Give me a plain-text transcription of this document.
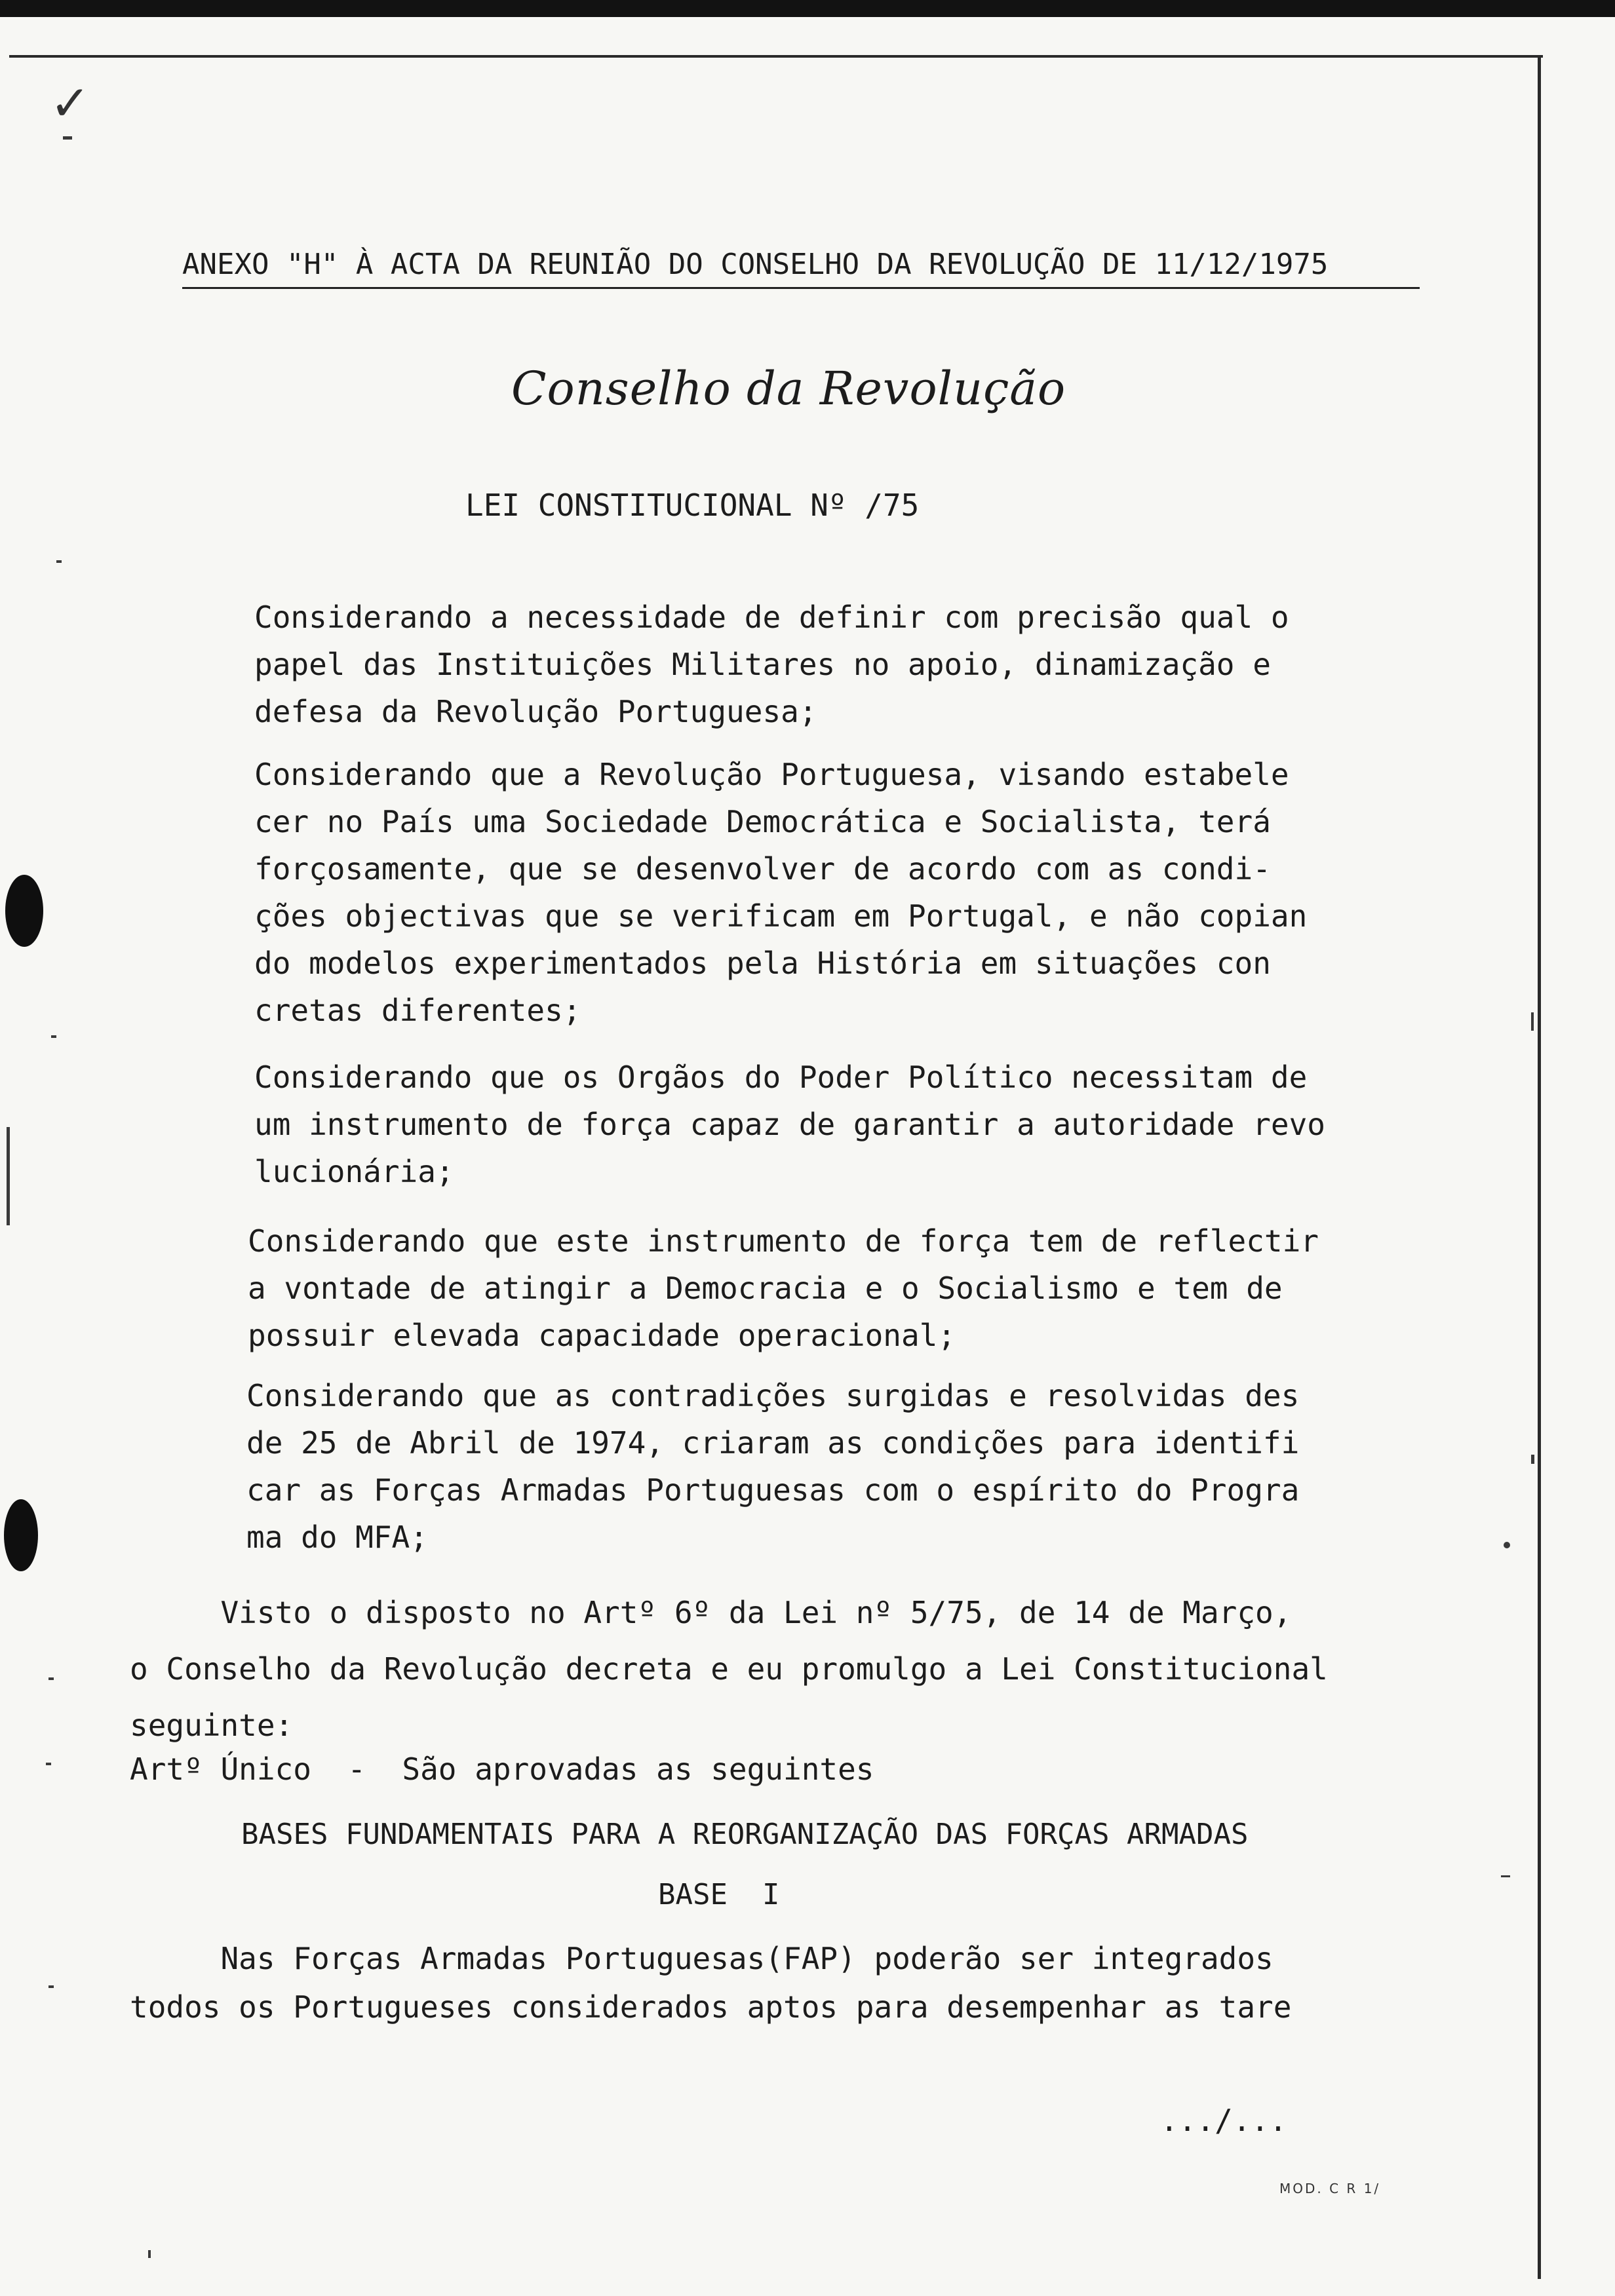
✓
ANEXO "H" À ACTA DA REUNIÃO DO CONSELHO DA REVOLUÇÃO DE 11/12/1975
Conselho da Revolução
LEI CONSTITUCIONAL Nº /75
Considerando a necessidade de definir com precisão qual o
papel das Instituições Militares no apoio, dinamização e
defesa da Revolução Portuguesa;
Considerando que a Revolução Portuguesa, visando estabele
cer no País uma Sociedade Democrática e Socialista, terá
forçosamente, que se desenvolver de acordo com as condi-
ções objectivas que se verificam em Portugal, e não copian
do modelos experimentados pela História em situações con
cretas diferentes;
Considerando que os Orgãos do Poder Político necessitam de
um instrumento de força capaz de garantir a autoridade revo
lucionária;
Considerando que este instrumento de força tem de reflectir
a vontade de atingir a Democracia e o Socialismo e tem de
possuir elevada capacidade operacional;
Considerando que as contradições surgidas e resolvidas des
de 25 de Abril de 1974, criaram as condições para identifi
car as Forças Armadas Portuguesas com o espírito do Progra
ma do MFA;
Visto o disposto no Artº 6º da Lei nº 5/75, de 14 de Março,
o Conselho da Revolução decreta e eu promulgo a Lei Constitucional
seguinte:
Artº Único  -  São aprovadas as seguintes
BASES FUNDAMENTAIS PARA A REORGANIZAÇÃO DAS FORÇAS ARMADAS
BASE  I
Nas Forças Armadas Portuguesas(FAP) poderão ser integrados
todos os Portugueses considerados aptos para desempenhar as tare
.../...
MOD. C R 1/
